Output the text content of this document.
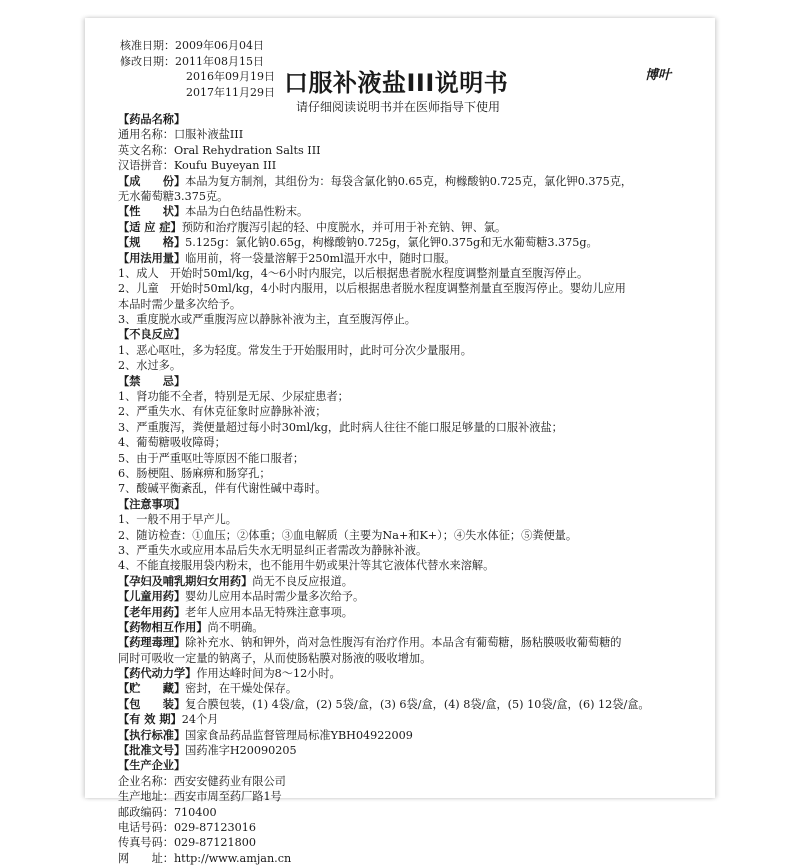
核准日期：2009年06月04日
修改日期：2011年08月15日
2016年09月19日
2017年11月29日 口服补液盐III说明书	博叶
请仔细阅读说明书并在医师指导下使用
【药品名称】
通用名称：口服补液盐III
英文名称：Oral Rehydration Salts III
汉语拼音：Koufu Buyeyan III
【成　　份】本品为复方制剂，其组份为：每袋含氯化钠0.65克，枸橼酸钠0.725克，氯化钾0.375克，
无水葡萄糖3.375克。
【性　　状】本品为白色结晶性粉末。
【适 应 症】预防和治疗腹泻引起的轻、中度脱水，并可用于补充钠、钾、氯。
【规　　格】5.125g：氯化钠0.65g，枸橼酸钠0.725g，氯化钾0.375g和无水葡萄糖3.375g。
【用法用量】临用前，将一袋量溶解于250ml温开水中，随时口服。
1、成人　开始时50ml/kg，4～6小时内服完，以后根据患者脱水程度调整剂量直至腹泻停止。
2、儿童　开始时50ml/kg，4小时内服用，以后根据患者脱水程度调整剂量直至腹泻停止。婴幼儿应用
本品时需少量多次给予。
3、重度脱水或严重腹泻应以静脉补液为主，直至腹泻停止。
【不良反应】
1、恶心呕吐，多为轻度。常发生于开始服用时，此时可分次少量服用。
2、水过多。
【禁　　忌】
1、肾功能不全者，特别是无尿、少尿症患者；
2、严重失水、有休克征象时应静脉补液；
3、严重腹泻，粪便量超过每小时30ml/kg，此时病人往往不能口服足够量的口服补液盐；
4、葡萄糖吸收障碍；
5、由于严重呕吐等原因不能口服者；
6、肠梗阻、肠麻痹和肠穿孔；
7、酸碱平衡紊乱，伴有代谢性碱中毒时。
【注意事项】
1、一般不用于早产儿。
2、随访检查：①血压；②体重；③血电解质（主要为Na+和K+）；④失水体征；⑤粪便量。
3、严重失水或应用本品后失水无明显纠正者需改为静脉补液。
4、不能直接服用袋内粉末，也不能用牛奶或果汁等其它液体代替水来溶解。
【孕妇及哺乳期妇女用药】尚无不良反应报道。
【儿童用药】婴幼儿应用本品时需少量多次给予。
【老年用药】老年人应用本品无特殊注意事项。
【药物相互作用】尚不明确。
【药理毒理】除补充水、钠和钾外，尚对急性腹泻有治疗作用。本品含有葡萄糖，肠粘膜吸收葡萄糖的
同时可吸收一定量的钠离子，从而使肠粘膜对肠液的吸收增加。
【药代动力学】作用达峰时间为8～12小时。
【贮　　藏】密封，在干燥处保存。
【包　　装】复合膜包装，(1) 4袋/盒，(2) 5袋/盒，(3) 6袋/盒，(4) 8袋/盒，(5) 10袋/盒，(6) 12袋/盒。
【有 效 期】24个月
【执行标准】国家食品药品监督管理局标准YBH04922009
【批准文号】国药准字H20090205
【生产企业】
企业名称：西安安健药业有限公司
生产地址：西安市周至药厂路1号
邮政编码：710400
电话号码：029-87123016
传真号码：029-87121800
网　　址：http://www.amjan.cn
